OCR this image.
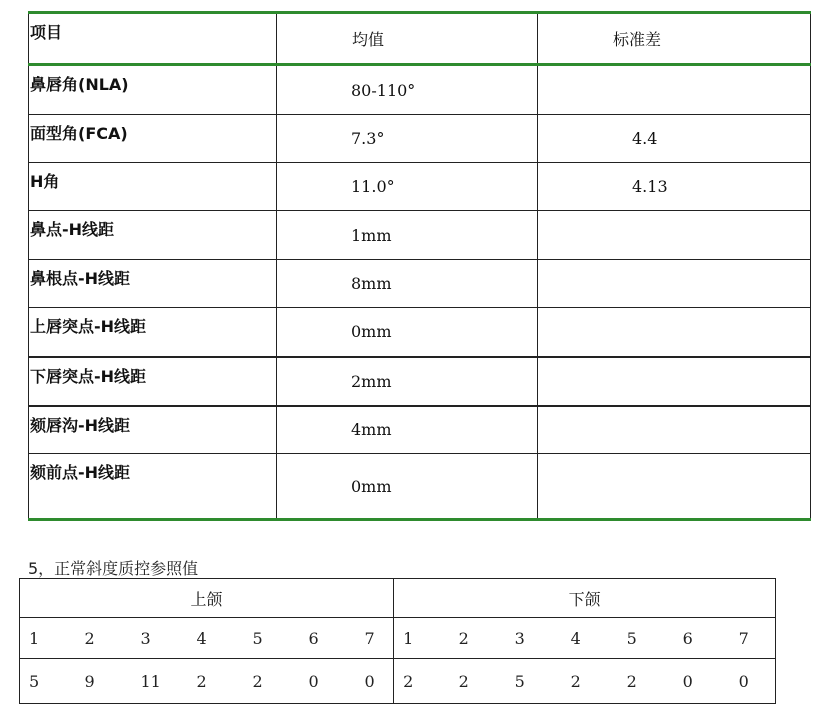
项目	均值	标准差
鼻唇角(NLA)	80-110°	
面型角(FCA)	7.3°	4.4
H角	11.0°	4.13
鼻点-H线距	1mm	
鼻根点-H线距	8mm	
上唇突点-H线距	0mm	
下唇突点-H线距	2mm	
颏唇沟-H线距	4mm	
颏前点-H线距	0mm	
5，正常斜度质控参照值
上颌							下颌						
1	2	3	4	5	6	7	1	2	3	4	5	6	7
5	9	11	2	2	0	0	2	2	5	2	2	0	0
